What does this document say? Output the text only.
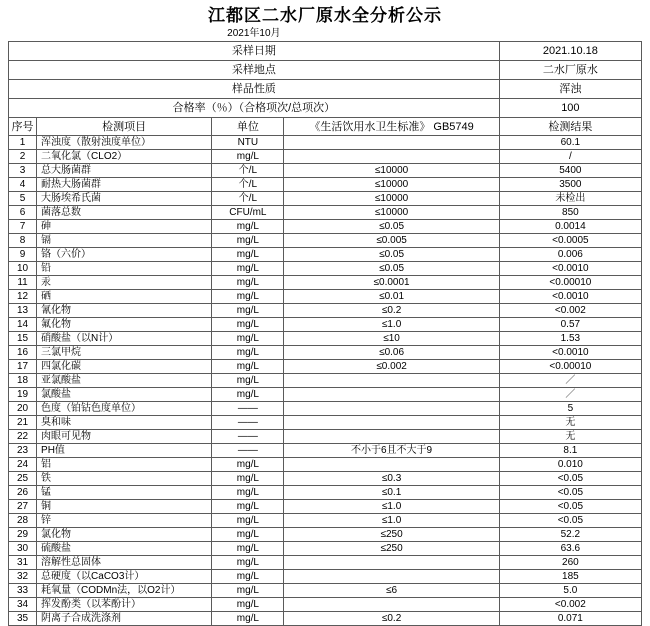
江都区二水厂原水全分析公示
2021年10月				
采样日期				2021.10.18
采样地点				二水厂原水
样品性质				浑浊
合格率（％）（合格项次/总项次）				100
序号	检测项目	单位	《生活饮用水卫生标准》 GB5749	检测结果
1	浑浊度（散射浊度单位）	NTU		60.1
2	二氧化氯（CLO2）	mg/L		/
3	总大肠菌群	个/L	≤10000	5400
4	耐热大肠菌群	个/L	≤10000	3500
5	大肠埃希氏菌	个/L	≤10000	未检出
6	菌落总数	CFU/mL	≤10000	850
7	砷	mg/L	≤0.05	0.0014
8	镉	mg/L	≤0.005	<0.0005
9	铬（六价）	mg/L	≤0.05	0.006
10	铅	mg/L	≤0.05	<0.0010
11	汞	mg/L	≤0.0001	<0.00010
12	硒	mg/L	≤0.01	<0.0010
13	氰化物	mg/L	≤0.2	<0.002
14	氟化物	mg/L	≤1.0	0.57
15	硝酸盐（以N计）	mg/L	≤10	1.53
16	三氯甲烷	mg/L	≤0.06	<0.0010
17	四氯化碳	mg/L	≤0.002	<0.00010
18	亚氯酸盐	mg/L		／
19	氯酸盐	mg/L		／
20	色度（铂钴色度单位）	——		5
21	臭和味	——		无
22	肉眼可见物	——		无
23	PH值	——	不小于6且不大于9	8.1
24	铝	mg/L		0.010
25	铁	mg/L	≤0.3	<0.05
26	锰	mg/L	≤0.1	<0.05
27	铜	mg/L	≤1.0	<0.05
28	锌	mg/L	≤1.0	<0.05
29	氯化物	mg/L	≤250	52.2
30	硫酸盐	mg/L	≤250	63.6
31	溶解性总固体	mg/L		260
32	总硬度（以CaCO3计）	mg/L		185
33	耗氧量（CODMn法，以O2计）	mg/L	≤6	5.0
34	挥发酚类（以苯酚计）	mg/L		<0.002
35	阴离子合成洗涤剂	mg/L	≤0.2	0.071
